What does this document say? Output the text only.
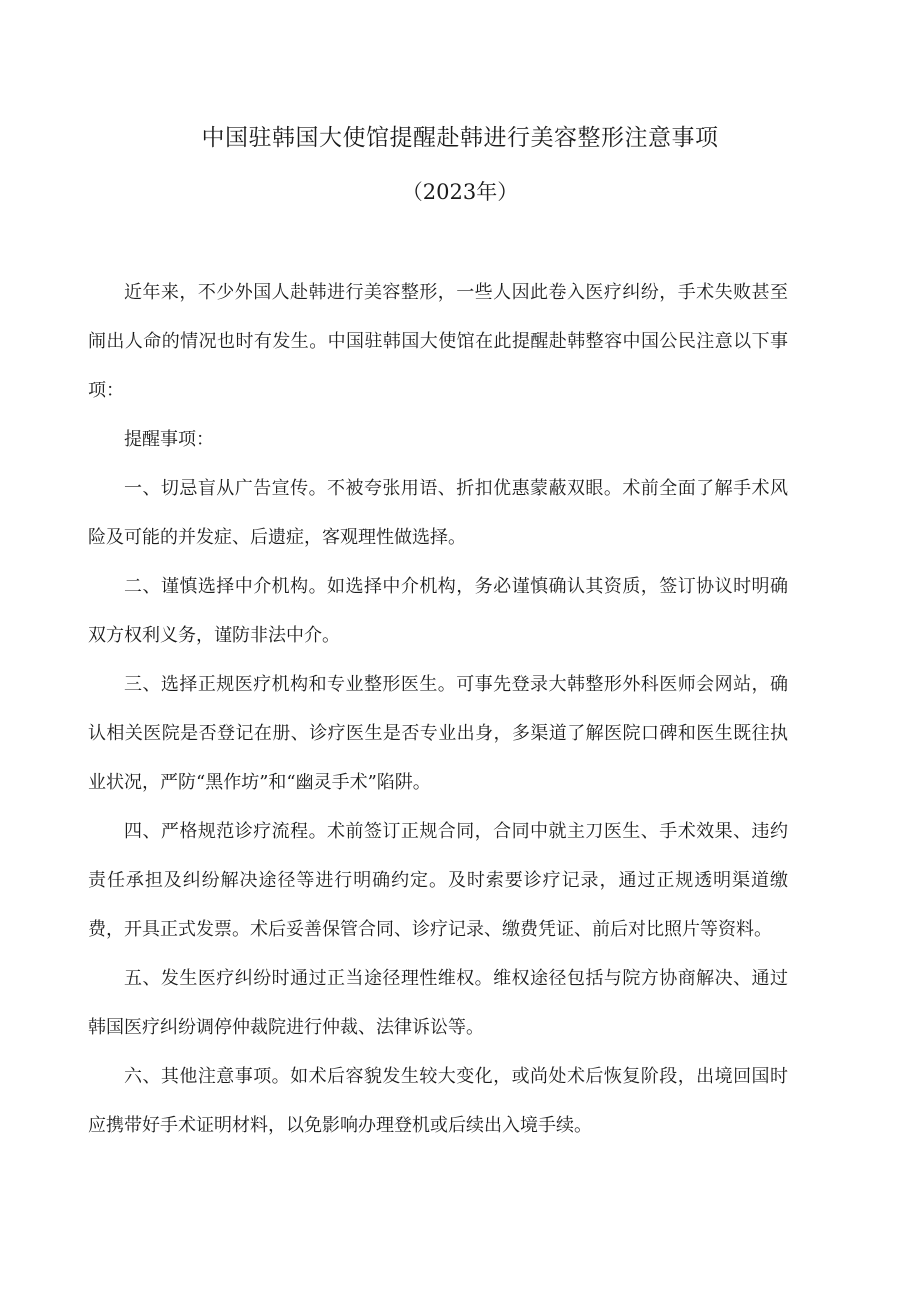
中国驻韩国大使馆提醒赴韩进行美容整形注意事项
（2023年）

近年来，不少外国人赴韩进行美容整形，一些人因此卷入医疗纠纷，手术失败甚至闹出人命的情况也时有发生。中国驻韩国大使馆在此提醒赴韩整容中国公民注意以下事项：

提醒事项：

一、切忌盲从广告宣传。不被夸张用语、折扣优惠蒙蔽双眼。术前全面了解手术风险及可能的并发症、后遗症，客观理性做选择。

二、谨慎选择中介机构。如选择中介机构，务必谨慎确认其资质，签订协议时明确双方权利义务，谨防非法中介。

三、选择正规医疗机构和专业整形医生。可事先登录大韩整形外科医师会网站，确认相关医院是否登记在册、诊疗医生是否专业出身，多渠道了解医院口碑和医生既往执业状况，严防“黑作坊”和“幽灵手术”陷阱。

四、严格规范诊疗流程。术前签订正规合同，合同中就主刀医生、手术效果、违约责任承担及纠纷解决途径等进行明确约定。及时索要诊疗记录，通过正规透明渠道缴费，开具正式发票。术后妥善保管合同、诊疗记录、缴费凭证、前后对比照片等资料。

五、发生医疗纠纷时通过正当途径理性维权。维权途径包括与院方协商解决、通过韩国医疗纠纷调停仲裁院进行仲裁、法律诉讼等。

六、其他注意事项。如术后容貌发生较大变化，或尚处术后恢复阶段，出境回国时应携带好手术证明材料，以免影响办理登机或后续出入境手续。
